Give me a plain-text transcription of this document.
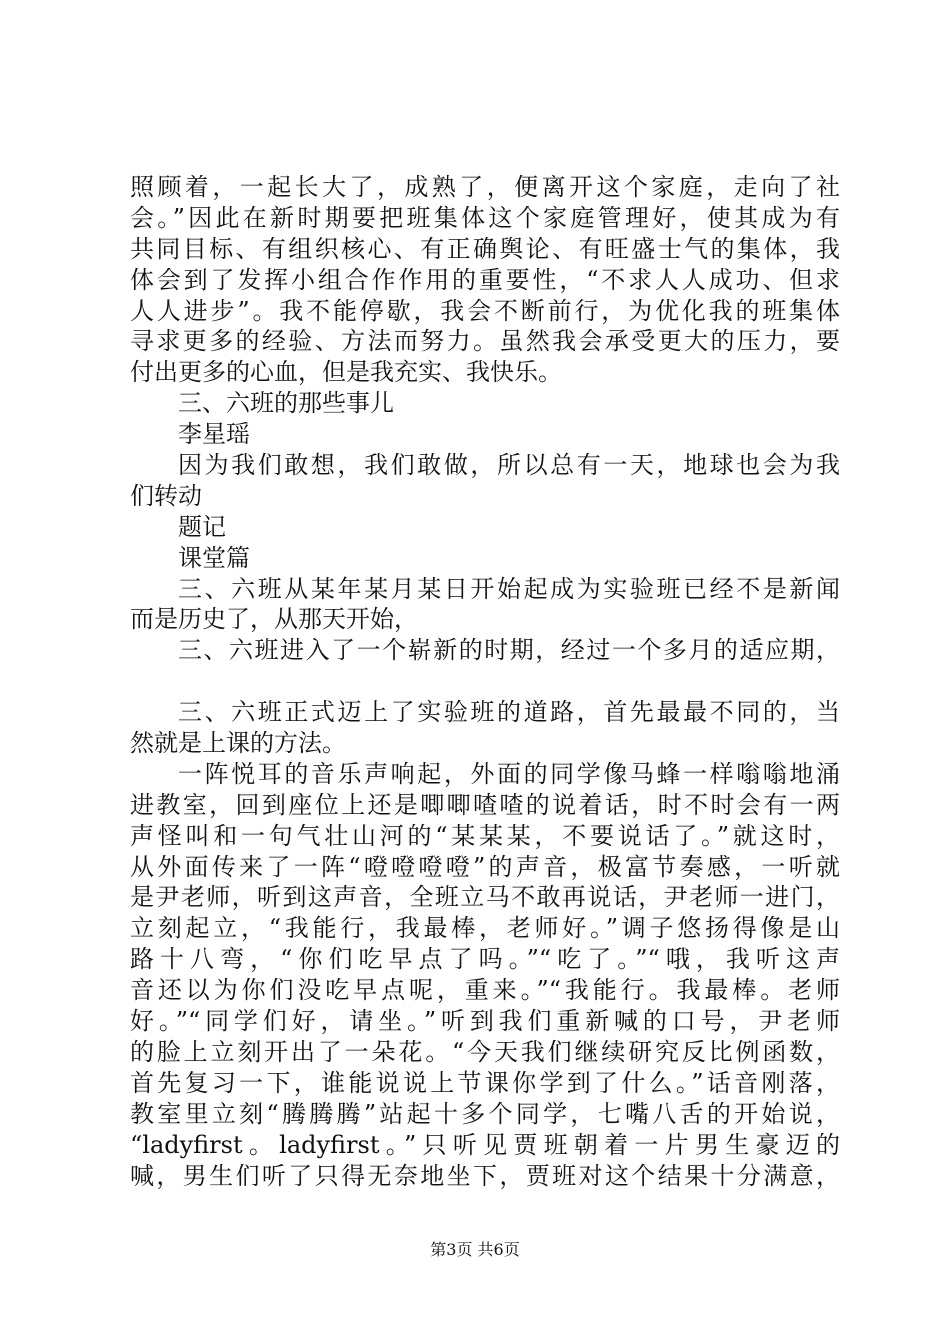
照顾着，一起长大了，成熟了，便离开这个家庭，走向了社
会。”因此在新时期要把班集体这个家庭管理好，使其成为有
共同目标、有组织核心、有正确舆论、有旺盛士气的集体，我
体会到了发挥小组合作作用的重要性，“不求人人成功、但求
人人进步”。我不能停歇，我会不断前行，为优化我的班集体
寻求更多的经验、方法而努力。虽然我会承受更大的压力，要
付出更多的心血，但是我充实、我快乐。
三、六班的那些事儿
李星瑶
因为我们敢想，我们敢做，所以总有一天，地球也会为我
们转动
题记
课堂篇
三、六班从某年某月某日开始起成为实验班已经不是新闻
而是历史了，从那天开始，
三、六班进入了一个崭新的时期，经过一个多月的适应期，
三、六班正式迈上了实验班的道路，首先最最不同的，当
然就是上课的方法。
一阵悦耳的音乐声响起，外面的同学像马蜂一样嗡嗡地涌
进教室，回到座位上还是唧唧喳喳的说着话，时不时会有一两
声怪叫和一句气壮山河的“某某某，不要说话了。”就这时，
从外面传来了一阵“噔噔噔噔”的声音，极富节奏感，一听就
是尹老师，听到这声音，全班立马不敢再说话，尹老师一进门，
立刻起立，“我能行，我最棒，老师好。”调子悠扬得像是山
路十八弯，“你们吃早点了吗。”“吃了。”“哦，我听这声
音还以为你们没吃早点呢，重来。”“我能行。我最棒。老师
好。”“同学们好，请坐。”听到我们重新喊的口号，尹老师
的脸上立刻开出了一朵花。“今天我们继续研究反比例函数，
首先复习一下，谁能说说上节课你学到了什么。”话音刚落，
教室里立刻“腾腾腾”站起十多个同学，七嘴八舌的开始说，
“ladyfirst。ladyfirst。”只听见贾班朝着一片男生豪迈的
喊，男生们听了只得无奈地坐下，贾班对这个结果十分满意，
第3页 共6页
